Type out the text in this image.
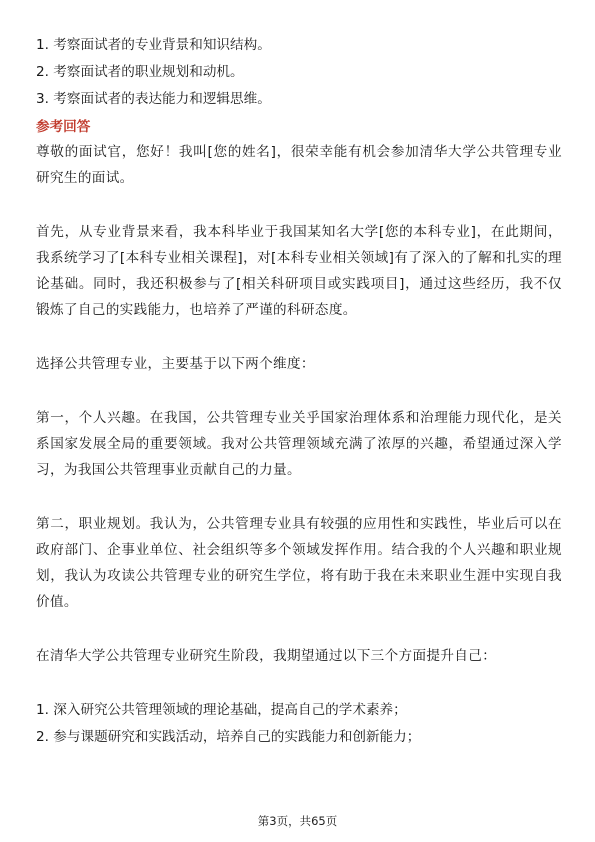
1. 考察面试者的专业背景和知识结构。

2. 考察面试者的职业规划和动机。

3. 考察面试者的表达能力和逻辑思维。

参考回答

尊敬的面试官，您好！我叫[您的姓名]，很荣幸能有机会参加清华大学公共管理专业研究生的面试。

首先，从专业背景来看，我本科毕业于我国某知名大学[您的本科专业]，在此期间，我系统学习了[本科专业相关课程]，对[本科专业相关领域]有了深入的了解和扎实的理论基础。同时，我还积极参与了[相关科研项目或实践项目]，通过这些经历，我不仅锻炼了自己的实践能力，也培养了严谨的科研态度。

选择公共管理专业，主要基于以下两个维度：

第一，个人兴趣。在我国，公共管理专业关乎国家治理体系和治理能力现代化，是关系国家发展全局的重要领域。我对公共管理领域充满了浓厚的兴趣，希望通过深入学习，为我国公共管理事业贡献自己的力量。

第二，职业规划。我认为，公共管理专业具有较强的应用性和实践性，毕业后可以在政府部门、企事业单位、社会组织等多个领域发挥作用。结合我的个人兴趣和职业规划，我认为攻读公共管理专业的研究生学位，将有助于我在未来职业生涯中实现自我价值。

在清华大学公共管理专业研究生阶段，我期望通过以下三个方面提升自己：

1. 深入研究公共管理领域的理论基础，提高自己的学术素养；

2. 参与课题研究和实践活动，培养自己的实践能力和创新能力；

第3页，共65页
